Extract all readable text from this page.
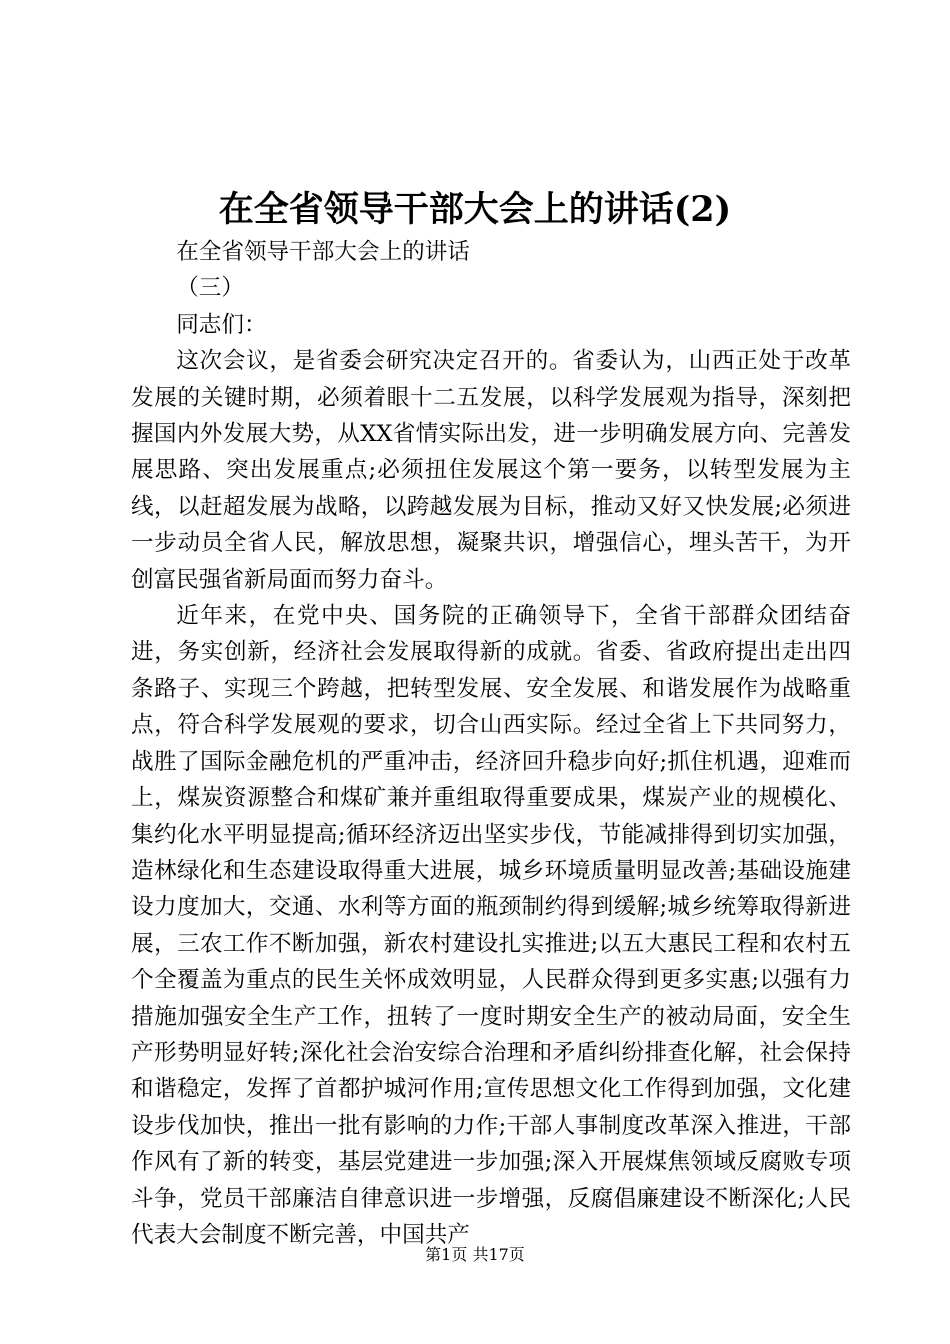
在全省领导干部大会上的讲话(2)

在全省领导干部大会上的讲话

（三）

同志们：

这次会议，是省委会研究决定召开的。省委认为，山西正处于改革发展的关键时期，必须着眼十二五发展，以科学发展观为指导，深刻把握国内外发展大势，从XX省情实际出发，进一步明确发展方向、完善发展思路、突出发展重点;必须扭住发展这个第一要务，以转型发展为主线，以赶超发展为战略，以跨越发展为目标，推动又好又快发展;必须进一步动员全省人民，解放思想，凝聚共识，增强信心，埋头苦干，为开创富民强省新局面而努力奋斗。

近年来，在党中央、国务院的正确领导下，全省干部群众团结奋进，务实创新，经济社会发展取得新的成就。省委、省政府提出走出四条路子、实现三个跨越，把转型发展、安全发展、和谐发展作为战略重点，符合科学发展观的要求，切合山西实际。经过全省上下共同努力，战胜了国际金融危机的严重冲击，经济回升稳步向好;抓住机遇，迎难而上，煤炭资源整合和煤矿兼并重组取得重要成果，煤炭产业的规模化、集约化水平明显提高;循环经济迈出坚实步伐，节能减排得到切实加强，造林绿化和生态建设取得重大进展，城乡环境质量明显改善;基础设施建设力度加大，交通、水利等方面的瓶颈制约得到缓解;城乡统筹取得新进展，三农工作不断加强，新农村建设扎实推进;以五大惠民工程和农村五个全覆盖为重点的民生关怀成效明显，人民群众得到更多实惠;以强有力措施加强安全生产工作，扭转了一度时期安全生产的被动局面，安全生产形势明显好转;深化社会治安综合治理和矛盾纠纷排查化解，社会保持和谐稳定，发挥了首都护城河作用;宣传思想文化工作得到加强，文化建设步伐加快，推出一批有影响的力作;干部人事制度改革深入推进，干部作风有了新的转变，基层党建进一步加强;深入开展煤焦领域反腐败专项斗争，党员干部廉洁自律意识进一步增强，反腐倡廉建设不断深化;人民代表大会制度不断完善，中国共产

第1页 共17页
